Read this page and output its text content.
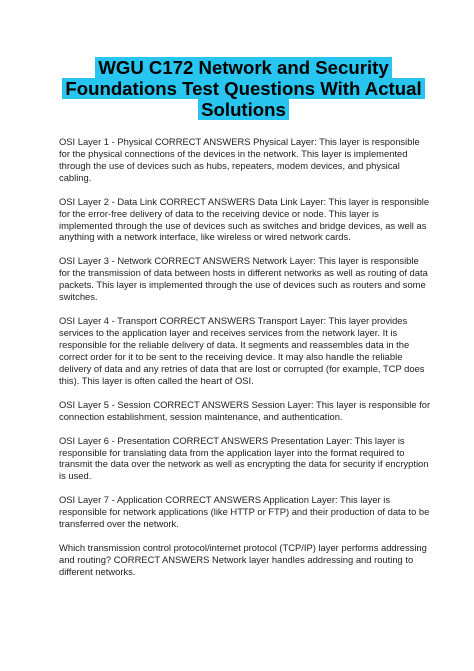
WGU C172 Network and Security Foundations Test Questions With Actual Solutions

OSI Layer 1 - Physical CORRECT ANSWERS Physical Layer: This layer is responsible for the physical connections of the devices in the network. This layer is implemented through the use of devices such as hubs, repeaters, modem devices, and physical cabling.

OSI Layer 2 - Data Link CORRECT ANSWERS Data Link Layer: This layer is responsible for the error-free delivery of data to the receiving device or node. This layer is implemented through the use of devices such as switches and bridge devices, as well as anything with a network interface, like wireless or wired network cards.

OSI Layer 3 - Network CORRECT ANSWERS Network Layer: This layer is responsible for the transmission of data between hosts in different networks as well as routing of data packets. This layer is implemented through the use of devices such as routers and some switches.

OSI Layer 4 - Transport CORRECT ANSWERS Transport Layer: This layer provides services to the application layer and receives services from the network layer. It is responsible for the reliable delivery of data. It segments and reassembles data in the correct order for it to be sent to the receiving device. It may also handle the reliable delivery of data and any retries of data that are lost or corrupted (for example, TCP does this). This layer is often called the heart of OSI.

OSI Layer 5 - Session CORRECT ANSWERS Session Layer: This layer is responsible for connection establishment, session maintenance, and authentication.

OSI Layer 6 - Presentation CORRECT ANSWERS Presentation Layer: This layer is responsible for translating data from the application layer into the format required to transmit the data over the network as well as encrypting the data for security if encryption is used.

OSI Layer 7 - Application CORRECT ANSWERS Application Layer: This layer is responsible for network applications (like HTTP or FTP) and their production of data to be transferred over the network.

Which transmission control protocol/internet protocol (TCP/IP) layer performs addressing and routing? CORRECT ANSWERS Network layer handles addressing and routing to different networks.
